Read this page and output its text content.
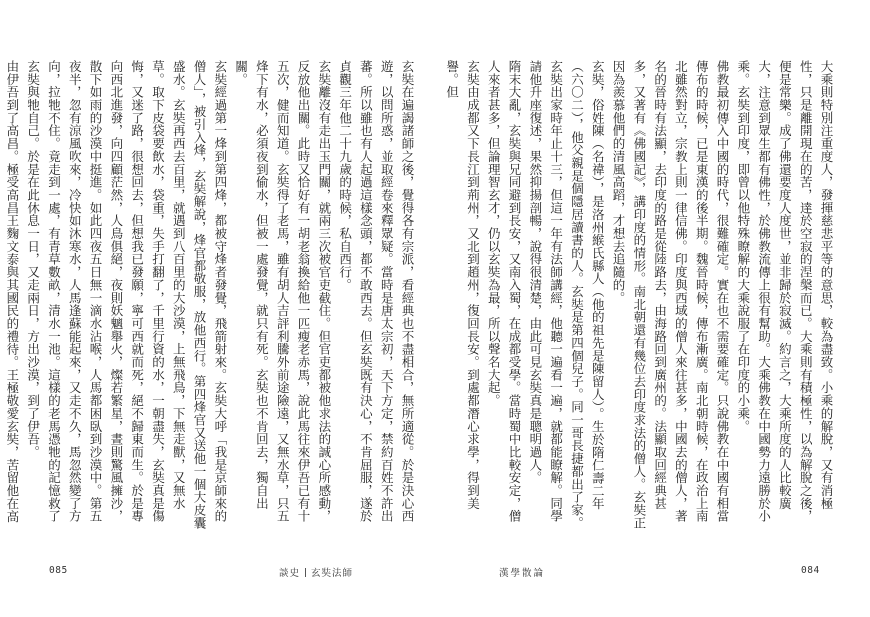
玄奘在遍謁諸師之後，覺得各有宗派，看經典也不盡相合，無所適從。於是決心西遊，以問所惑，並取經卷來釋眾疑。當時是唐太宗初，天下方定，禁約百姓不許出蕃。所以雖也有人起過這樣念頭，都不敢西去。但玄奘既有決心，不肯屈服，遂於貞觀三年他二十九歲的時候，私自西行。

玄奘離沒有走出玉門關，就兩三次被官吏截住。但官吏都被他求法的誠心所感動，反放他出關。此時又恰好有一胡老翁換給他一匹瘦老赤馬，說此馬往來伊吾已有十五次，健而知道。玄奘得了老馬，雖有胡人吉評利騰外前途險遠，又無水草，只五烽下有水，必須夜到偷水，但被一處發覺，就只有死。玄奘也不肯回去，獨自出關。

玄奘經過第一烽到第四烽，都被守烽者發覺，飛箭射來。玄奘大呼「我是京師來的僧人」，被引入烽，玄奘解說，烽官都敬服，放他西行。第四烽官又送他一個大皮囊盛水。玄奘再西去百里，就遇到八百里的大沙漠，上無飛鳥，下無走獸，又無水草。取下皮袋要飲水，袋重，失手打翻了，千里行資的水，一朝盡失，玄奘真是傷悔，又迷了路，很想回去，但想我已發願，寧可西就而死，絕不歸東而生。於是專向西北進發，向四顧茫然，人鳥俱絕，夜則妖魑舉火，燦若繁星，晝則驚風擁沙，散下如雨的沙漠中挺進。如此四夜五日無一滴水沾喉，人馬都困臥到沙漠中。第五夜半，忽有涼風吹來，冷快如沐寒水，人馬逢蘇能起來，又走不久，馬忽然變了方向，拉牠不住。竟走到一處，有青草數畝，清水一池。這樣的老馬憑牠的記憶救了玄奘與牠自己。於是在此休息一日，又走兩日，方出沙漠，到了伊吾。

由伊吾到了高昌。極受高昌王麴文泰與其國民的禮待。王極敬愛玄奘，苦留他在高

085	談史 玄奘法師

大乘則特別注重度人，發揮慈悲平等的意思，較為盡致。小乘的解脫，又有消極性，只是離開現在的苦，達於空寂的涅槃而已。大乘則有積極性，以為解脫之後，便是常樂。成了佛還要度人度世，並非歸於寂滅。約言之，大乘所度的人比較廣大，注意到眾生都有佛性，於佛教流傳上很有幫助。大乘佛教在中國勢力遠勝於小乘。玄奘到印度，即曾以他特殊瞭解的大乘說服了在印度的小乘。

佛教最初傳入中國的時代，很難確定。實在也不需要確定。只說佛教在中國有相當傳布的時候，已是東漢的後半期。魏晉時候，傳布漸廣。南北朝時候，在政治上南北雖然對立，宗教上則一律信佛。印度與西域的僧人來往甚多，中國去的僧人，著名的晉時有法顯，去印度的路是從陸路去，由海路回到廣州的。法顯取回經典甚多，又著有《佛國記》，講印度的情形。南北朝還有幾位去印度求法的僧人。玄奘正因為羨慕他們的清風高蹈，才想去追隨的。

玄奘，俗姓陳（名禕），是洛州緱氏縣人（他的祖先是陳留人）。生於隋仁壽二年（六〇二），他父親是個隱居讀書的人。玄奘是第四個兒子。同一哥長捷都出了家。玄奘出家時年止十三，但這一年有法師講經，他聽一遍看一遍，就都能瞭解。同學請他升座復述，果然抑揚剖暢，說得很清楚，由此可見玄奘真是聰明過人。

隋末大亂，玄奘與兄同避到長安，又南入蜀，在成都受學。當時蜀中比較安定，僧人來者甚多，但論理智玄才，仍以玄奘為最，所以聲名大起。

玄奘由成都又下長江到荊州，又北到趙州，復回長安。到處都潛心求學，得到美譽。但

漢學散論	084
